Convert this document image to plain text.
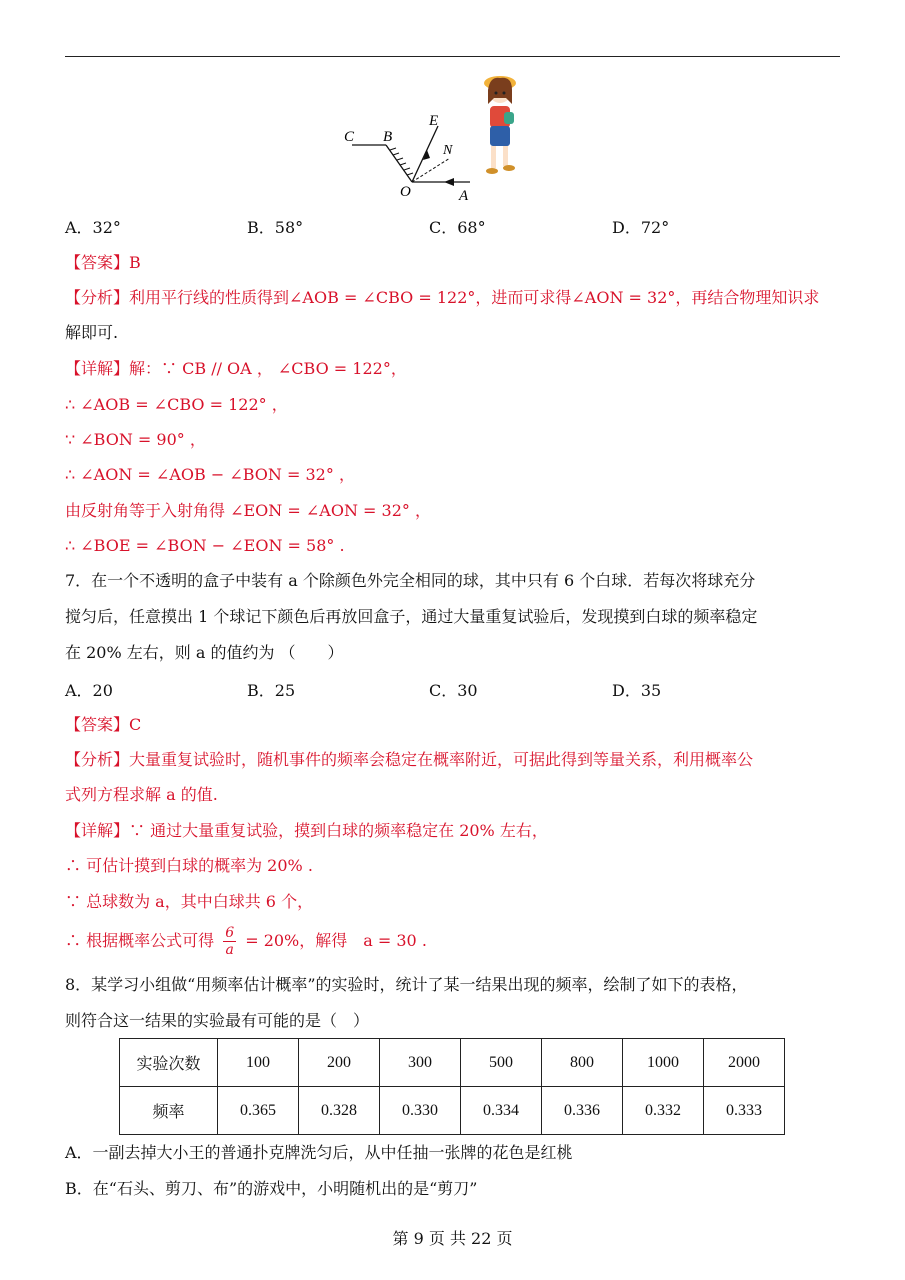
C B
E
N
O	A
A．32°	B．58°	C．68°	D．72°
【答案】B
【分析】利用平行线的性质得到∠AOB = ∠CBO = 122°，进而可求得∠AON = 32°，再结合物理知识求
解即可.
【详解】解：∵ CB // OA ， ∠CBO = 122°，
∴ ∠AOB = ∠CBO = 122° ，
∵ ∠BON = 90° ，
∴ ∠AON = ∠AOB − ∠BON = 32° ，
由反射角等于入射角得 ∠EON = ∠AON = 32° ，
∴ ∠BOE = ∠BON − ∠EON = 58° .
7．在一个不透明的盒子中装有 a 个除颜色外完全相同的球，其中只有 6 个白球．若每次将球充分
搅匀后，任意摸出 1 个球记下颜色后再放回盒子，通过大量重复试验后，发现摸到白球的频率稳定
在 20% 左右，则 a 的值约为 （　　）
A．20	B．25	C．30	D．35
【答案】C
【分析】大量重复试验时，随机事件的频率会稳定在概率附近，可据此得到等量关系，利用概率公
式列方程求解 a 的值.
【详解】∵ 通过大量重复试验，摸到白球的频率稳定在 20% 左右，
∴ 可估计摸到白球的概率为 20% .
∵ 总球数为 a，其中白球共 6 个，
∴ 根据概率公式可得 $\frac{6}{a} = 20\%$，解得　a = 30 .
8．某学习小组做“用频率估计概率”的实验时，统计了某一结果出现的频率，绘制了如下的表格，
则符合这一结果的实验最有可能的是（　）
实验次数	100	200	300	500	800	1000	2000
频率	0.365	0.328	0.330	0.334	0.336	0.332	0.333
A．一副去掉大小王的普通扑克牌洗匀后，从中任抽一张牌的花色是红桃
B．在“石头、剪刀、布”的游戏中，小明随机出的是“剪刀”
第 9 页 共 22 页
